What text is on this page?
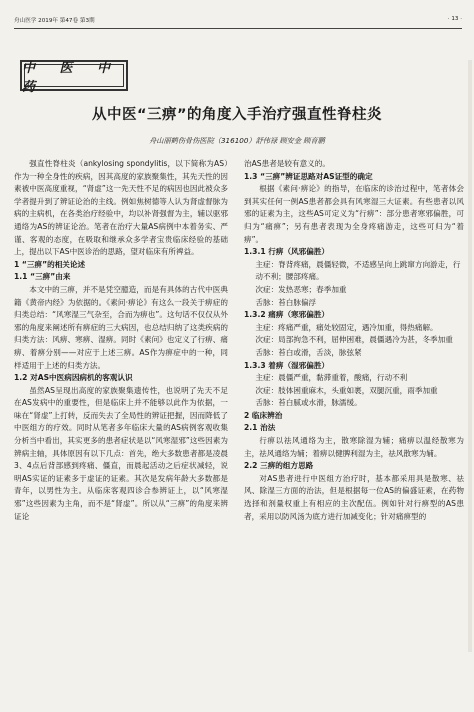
舟山医学 2019年 第47卷 第3期	· 13 ·
中 医 中 药
从中医“三痹”的角度入手治疗强直性脊柱炎
舟山丽鹤伤骨伤医院（316100）舒伟禄 顾安金 顾育鹏

强直性脊柱炎（ankylosing spondylitis，以下简称为AS）作为一种全身性的疾病，因其高度的家族聚集性，其先天性的因素被中医高度重视，“肾虚”这一先天性不足的病因也因此被众多学者提升到了辨证论治的主线。例如焦树德等人认为肾虚督脉为病的主病机，在各类治疗经验中，均以补肾强督为主，辅以驱邪通络为AS的辨证论治。笔者在治疗大量AS病例中本着务实、严谨、客观的态度，在吸取和继承众多学者宝贵临床经验的基础上，提出以下AS中医诊治的思路，望对临床有所裨益。

1 “三痹”的相关论述

1.1 “三痹”由来

本文中的三痹，并不是凭空臆造，而是有具体的古代中医典籍《黄帝内经》为依据的。《素问·痹论》有这么一段关于痹症的归类总结：“风寒湿三气杂至，合而为痹也”。这句话不仅仅从外邪的角度来阐述所有痹症的三大病因，也总结归纳了这类疾病的归类方法：风痹、寒痹、湿痹。同时《素问》也定义了行痹、痛痹、着痹分别——对应于上述三痹。AS作为痹症中的一种，同样适用于上述的归类方法。

1.2 对AS中医病因病机的客观认识

虽然AS呈现出高度的家族聚集遗传性，也说明了先天不足在AS发病中的重要性，但是临床上并不能够以此作为依据，一味在“肾虚”上打转，反而失去了全局性的辨证把握，因而降低了中医组方的疗效。同时从笔者多年临床大量的AS病例客观收集分析当中看出，其实更多的患者症状是以“风寒湿邪”这些因素为辨病主轴，具体原因有以下几点：首先，绝大多数患者都是凌晨3、4点后背部感到疼痛、僵直，而晨起活动之后症状减轻，说明AS实证的证素多于虚证的证素。其次是发病年龄大多数都是青年，以男性为主。从临床客观四诊合参辨证上，以“风寒湿邪”这些因素为主角，而不是“肾虚”。所以从“三痹”的角度来辨证论

治AS患者是较有意义的。

1.3 “三痹”辨证思路对AS证型的确定

根据《素问·痹论》的指导，在临床的诊治过程中，笔者体会到其实任何一例AS患者都会具有风寒湿三大证素。有些患者以风邪的证素为主，这些AS可定义为“行痹”：部分患者寒邪偏胜，可归为“痛痹”；另有患者表现为全身疼痛游走，这些可归为“着痹”。

1.3.1 行痹（风邪偏胜）

主症：脊背疼痛，晨僵轻微，不适感呈向上跳窜方向游走，行动不利；腰部疼痛。

次症：发热恶寒；春季加重

舌脉：苔白脉偏浮

1.3.2 痛痹（寒邪偏胜）

主症：疼痛严重，痛处较固定，遇冷加重，得热痛解。

次症：局部拘急不利，屈伸困难，晨僵遇冷为甚，冬季加重

舌脉：苔白或滑，舌淡，脉弦紧

1.3.3 着痹（湿邪偏胜）

主症：晨僵严重，黏滞重着，酸痛，行动不利

次症：肢体困重麻木，头重如裹，双腿沉重，雨季加重

舌脉：苔白腻或水滑，脉濡缓。

2 临床辨治

2.1 治法

行痹以祛风通络为主，散寒除湿为辅；痛痹以温经散寒为主，祛风通络为辅；着痹以健脾利湿为主，祛风散寒为辅。

2.2 三痹的组方思路

对AS患者进行中医组方治疗时，基本都采用具是散寒、祛风、除湿三方面的治法，但是根据每一位AS的偏盛证素，在药物选择和剂量权重上有相应的主次配伍。例如针对行痹型的AS患者，采用以防风汤为底方进行加减变化；针对痛痹型的
